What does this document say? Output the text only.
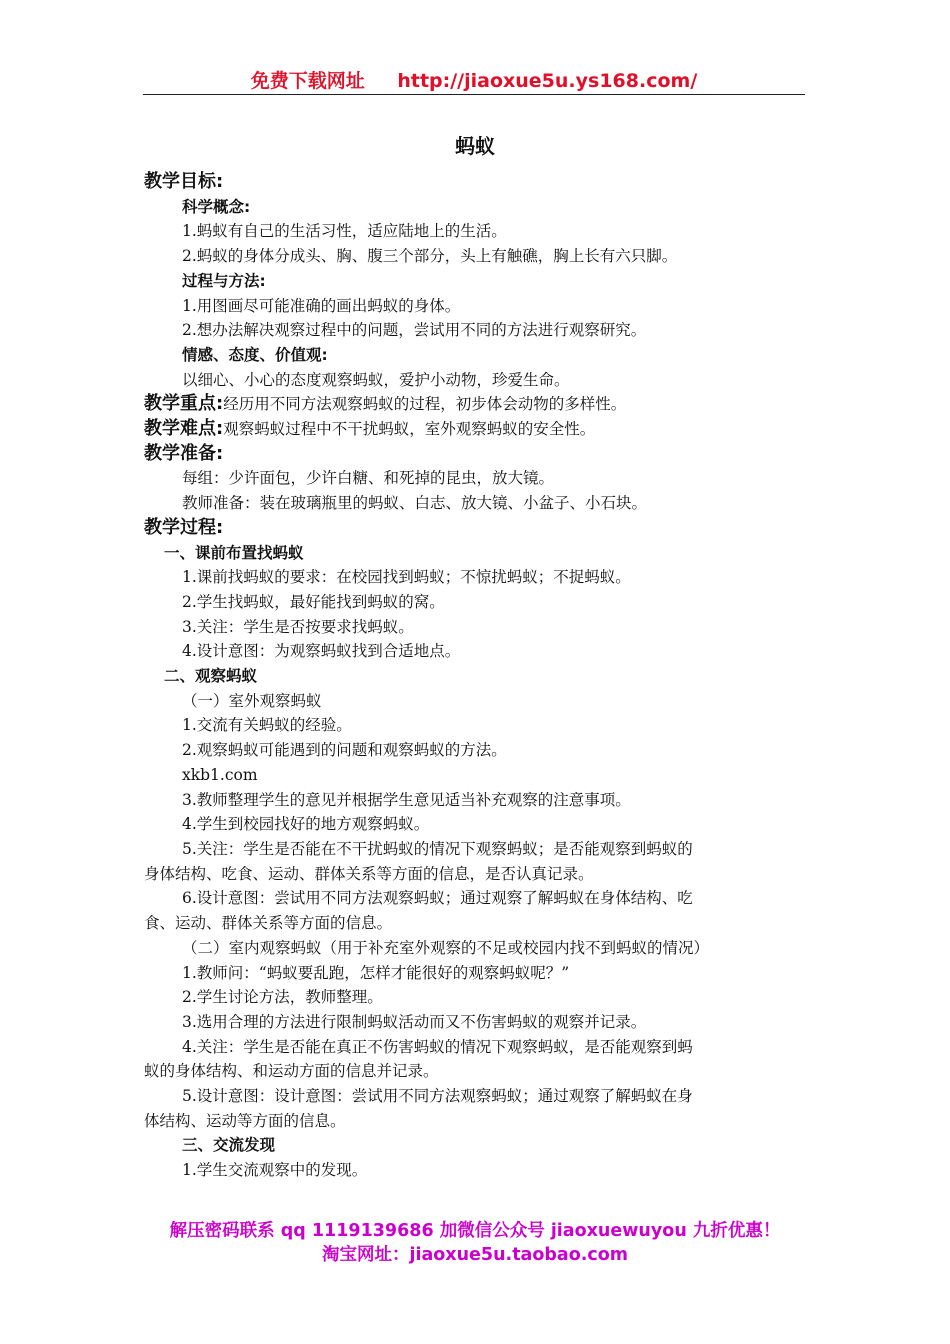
免费下载网址 http://jiaoxue5u.ys168.com/
蚂蚁
教学目标:
科学概念:
1.蚂蚁有自己的生活习性，适应陆地上的生活。
2.蚂蚁的身体分成头、胸、腹三个部分，头上有触礁，胸上长有六只脚。
过程与方法:
1.用图画尽可能准确的画出蚂蚁的身体。
2.想办法解决观察过程中的问题，尝试用不同的方法进行观察研究。
情感、态度、价值观:
以细心、小心的态度观察蚂蚁，爱护小动物，珍爱生命。
教学重点:经历用不同方法观察蚂蚁的过程，初步体会动物的多样性。
教学难点:观察蚂蚁过程中不干扰蚂蚁，室外观察蚂蚁的安全性。
教学准备:
每组：少许面包，少许白糖、和死掉的昆虫，放大镜。
教师准备：装在玻璃瓶里的蚂蚁、白志、放大镜、小盆子、小石块。
教学过程:
一、课前布置找蚂蚁
1.课前找蚂蚁的要求：在校园找到蚂蚁；不惊扰蚂蚁；不捉蚂蚁。
2.学生找蚂蚁，最好能找到蚂蚁的窝。
3.关注：学生是否按要求找蚂蚁。
4.设计意图：为观察蚂蚁找到合适地点。
二、观察蚂蚁
（一）室外观察蚂蚁
1.交流有关蚂蚁的经验。
2.观察蚂蚁可能遇到的问题和观察蚂蚁的方法。
xkb1.com
3.教师整理学生的意见并根据学生意见适当补充观察的注意事项。
4.学生到校园找好的地方观察蚂蚁。
5.关注：学生是否能在不干扰蚂蚁的情况下观察蚂蚁；是否能观察到蚂蚁的
身体结构、吃食、运动、群体关系等方面的信息，是否认真记录。
6.设计意图：尝试用不同方法观察蚂蚁；通过观察了解蚂蚁在身体结构、吃
食、运动、群体关系等方面的信息。
（二）室内观察蚂蚁（用于补充室外观察的不足或校园内找不到蚂蚁的情况）
1.教师问：“蚂蚁要乱跑，怎样才能很好的观察蚂蚁呢？”
2.学生讨论方法，教师整理。
3.选用合理的方法进行限制蚂蚁活动而又不伤害蚂蚁的观察并记录。
4.关注：学生是否能在真正不伤害蚂蚁的情况下观察蚂蚁，是否能观察到蚂
蚁的身体结构、和运动方面的信息并记录。
5.设计意图：设计意图：尝试用不同方法观察蚂蚁；通过观察了解蚂蚁在身
体结构、运动等方面的信息。
三、交流发现
1.学生交流观察中的发现。
解压密码联系 qq 1119139686 加微信公众号 jiaoxuewuyou 九折优惠！
淘宝网址：jiaoxue5u.taobao.com
